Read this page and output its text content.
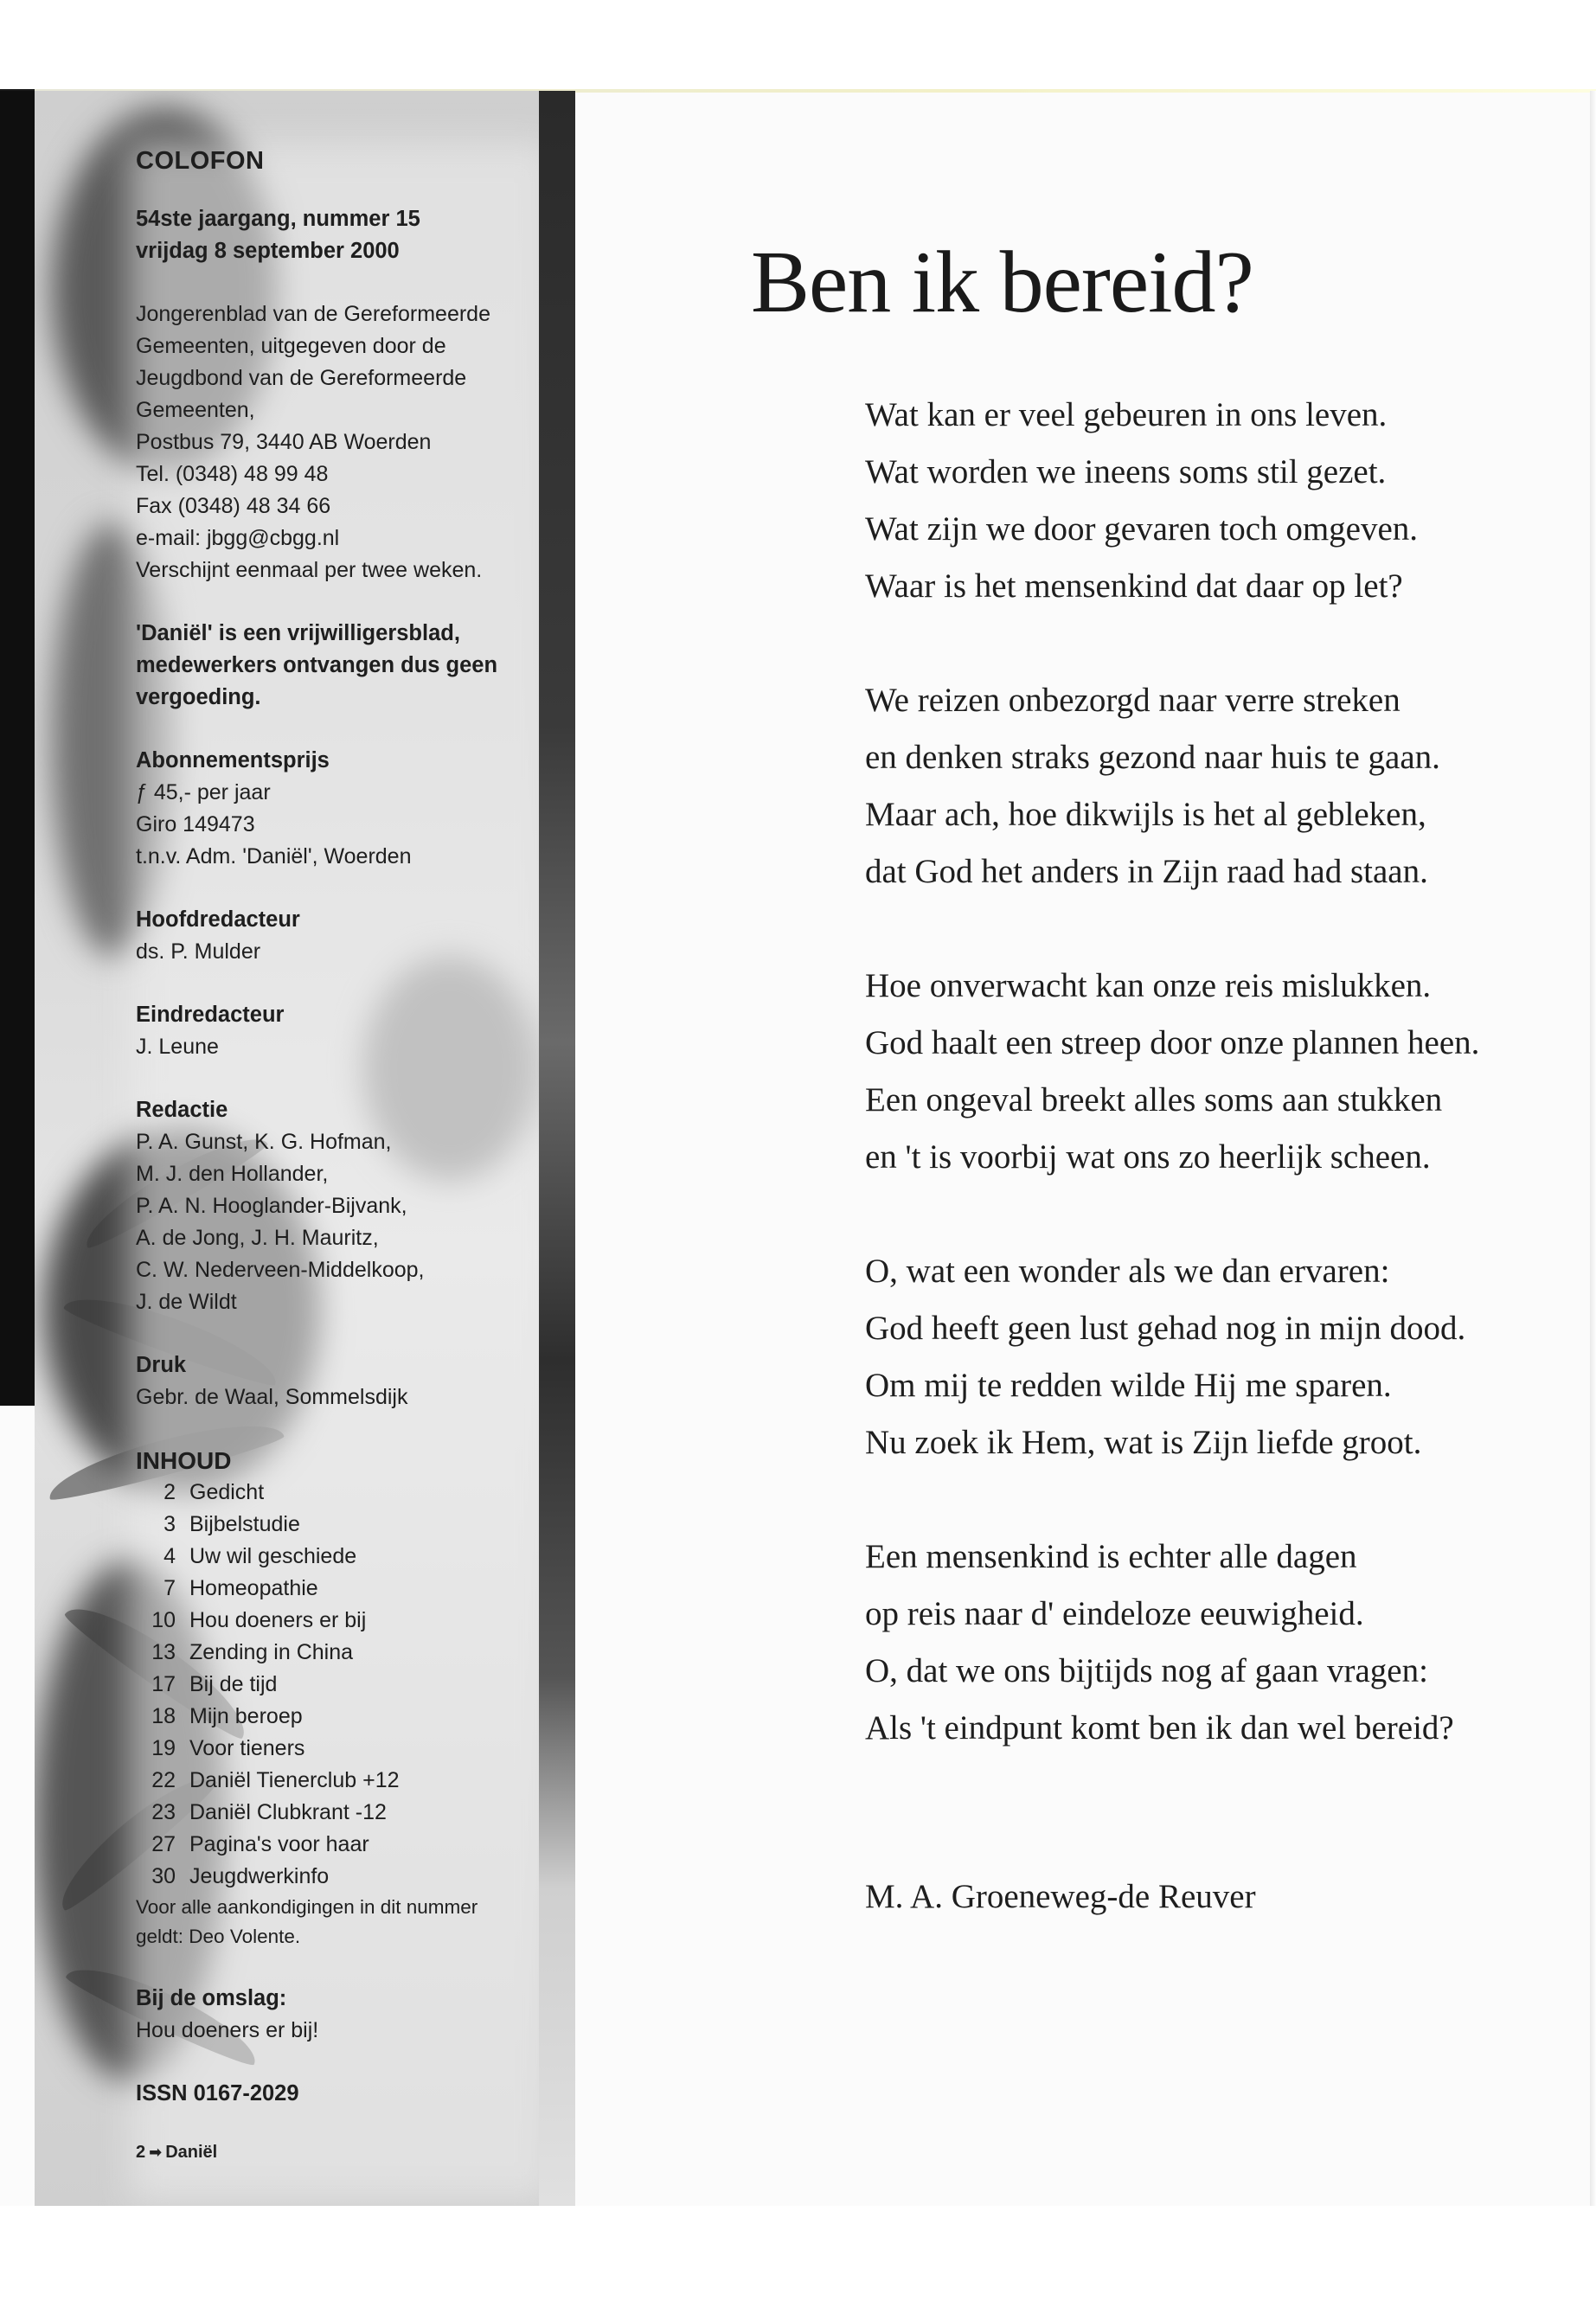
COLOFON
54ste jaargang, nummer 15
vrijdag 8 september 2000
Jongerenblad van de Gereformeerde
Gemeenten, uitgegeven door de
Jeugdbond van de Gereformeerde
Gemeenten,
Postbus 79, 3440 AB Woerden
Tel. (0348) 48 99 48
Fax (0348) 48 34 66
e-mail: jbgg@cbgg.nl
Verschijnt eenmaal per twee weken.
'Daniël' is een vrijwilligersblad,
medewerkers ontvangen dus geen
vergoeding.
Abonnementsprijs
ƒ 45,- per jaar
Giro 149473
t.n.v. Adm. 'Daniël', Woerden
Hoofdredacteur
ds. P. Mulder
Eindredacteur
J. Leune
Redactie
P. A. Gunst, K. G. Hofman,
M. J. den Hollander,
P. A. N. Hooglander-Bijvank,
A. de Jong, J. H. Mauritz,
C. W. Nederveen-Middelkoop,
J. de Wildt
Druk
Gebr. de Waal, Sommelsdijk
INHOUD
2 Gedicht
3 Bijbelstudie
4 Uw wil geschiede
7 Homeopathie
10 Hou doeners er bij
13 Zending in China
17 Bij de tijd
18 Mijn beroep
19 Voor tieners
22 Daniël Tienerclub +12
23 Daniël Clubkrant -12
27 Pagina's voor haar
30 Jeugdwerkinfo
Voor alle aankondigingen in dit nummer
geldt: Deo Volente.
Bij de omslag:
Hou doeners er bij!
ISSN 0167-2029
2 ➡ Daniël
Ben ik bereid?
Wat kan er veel gebeuren in ons leven.
Wat worden we ineens soms stil gezet.
Wat zijn we door gevaren toch omgeven.
Waar is het mensenkind dat daar op let?
We reizen onbezorgd naar verre streken
en denken straks gezond naar huis te gaan.
Maar ach, hoe dikwijls is het al gebleken,
dat God het anders in Zijn raad had staan.
Hoe onverwacht kan onze reis mislukken.
God haalt een streep door onze plannen heen.
Een ongeval breekt alles soms aan stukken
en 't is voorbij wat ons zo heerlijk scheen.
O, wat een wonder als we dan ervaren:
God heeft geen lust gehad nog in mijn dood.
Om mij te redden wilde Hij me sparen.
Nu zoek ik Hem, wat is Zijn liefde groot.
Een mensenkind is echter alle dagen
op reis naar d' eindeloze eeuwigheid.
O, dat we ons bijtijds nog af gaan vragen:
Als 't eindpunt komt ben ik dan wel bereid?
M. A. Groeneweg-de Reuver
